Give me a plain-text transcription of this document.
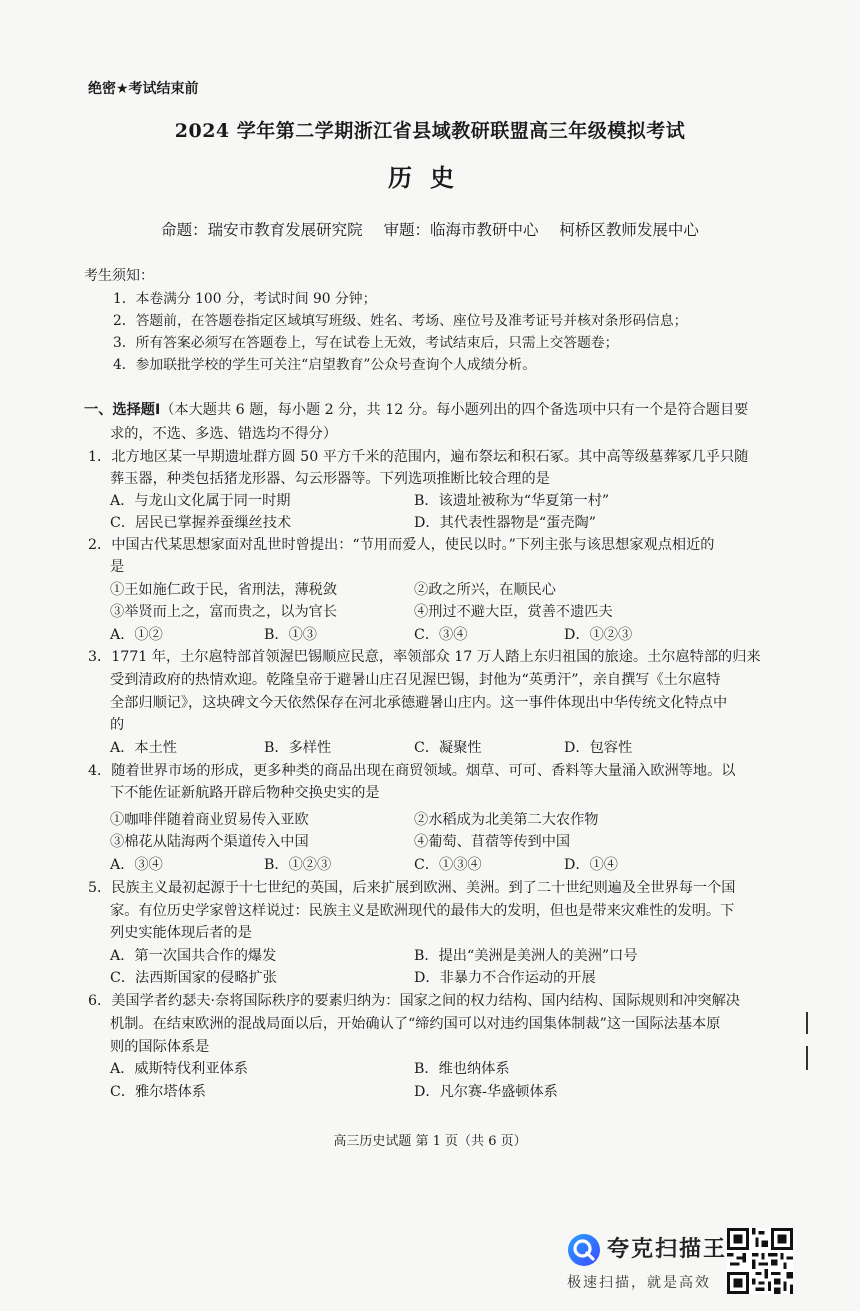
绝密★考试结束前
2024 学年第二学期浙江省县域教研联盟高三年级模拟考试
历史
命题：瑞安市教育发展研究院 审题：临海市教研中心 柯桥区教师发展中心
考生须知：
1．本卷满分 100 分，考试时间 90 分钟；
2．答题前，在答题卷指定区域填写班级、姓名、考场、座位号及准考证号并核对条形码信息；
3．所有答案必须写在答题卷上，写在试卷上无效，考试结束后，只需上交答题卷；
4．参加联批学校的学生可关注“启望教育”公众号查询个人成绩分析。
一、选择题I（本大题共 6 题，每小题 2 分，共 12 分。每小题列出的四个备选项中只有一个是符合题目要
求的，不选、多选、错选均不得分）
1．北方地区某一早期遗址群方圆 50 平方千米的范围内，遍布祭坛和积石冢。其中高等级墓葬冢几乎只随
葬玉器，种类包括猪龙形器、勾云形器等。下列选项推断比较合理的是
A．与龙山文化属于同一时期	B．该遗址被称为“华夏第一村”
C．居民已掌握养蚕缫丝技术	D．其代表性器物是“蛋壳陶”
2．中国古代某思想家面对乱世时曾提出：“节用而爱人，使民以时。”下列主张与该思想家观点相近的
是
①王如施仁政于民，省刑法，薄税敛	②政之所兴，在顺民心
③举贤而上之，富而贵之，以为官长	④刑过不避大臣，赏善不遗匹夫
A．①②	B．①③	C．③④	D．①②③
3．1771 年，土尔扈特部首领渥巴锡顺应民意，率领部众 17 万人踏上东归祖国的旅途。土尔扈特部的归来
受到清政府的热情欢迎。乾隆皇帝于避暑山庄召见渥巴锡，封他为“英勇汗”，亲自撰写《土尔扈特
全部归顺记》，这块碑文今天依然保存在河北承德避暑山庄内。这一事件体现出中华传统文化特点中
的
A．本土性	B．多样性	C．凝聚性	D．包容性
4．随着世界市场的形成，更多种类的商品出现在商贸领域。烟草、可可、香料等大量涌入欧洲等地。以
下不能佐证新航路开辟后物种交换史实的是
①咖啡伴随着商业贸易传入亚欧	②水稻成为北美第二大农作物
③棉花从陆海两个渠道传入中国	④葡萄、苜蓿等传到中国
A．③④	B．①②③	C．①③④	D．①④
5．民族主义最初起源于十七世纪的英国，后来扩展到欧洲、美洲。到了二十世纪则遍及全世界每一个国
家。有位历史学家曾这样说过：民族主义是欧洲现代的最伟大的发明，但也是带来灾难性的发明。下
列史实能体现后者的是
A．第一次国共合作的爆发	B．提出“美洲是美洲人的美洲”口号
C．法西斯国家的侵略扩张	D．非暴力不合作运动的开展
6．美国学者约瑟夫·奈将国际秩序的要素归纳为：国家之间的权力结构、国内结构、国际规则和冲突解决
机制。在结束欧洲的混战局面以后，开始确认了“缔约国可以对违约国集体制裁”这一国际法基本原
则的国际体系是
A．威斯特伐利亚体系	B．维也纳体系
C．雅尔塔体系	D．凡尔赛-华盛顿体系
高三历史试题 第 1 页（共 6 页）
夸克扫描王
极速扫描，就是高效
